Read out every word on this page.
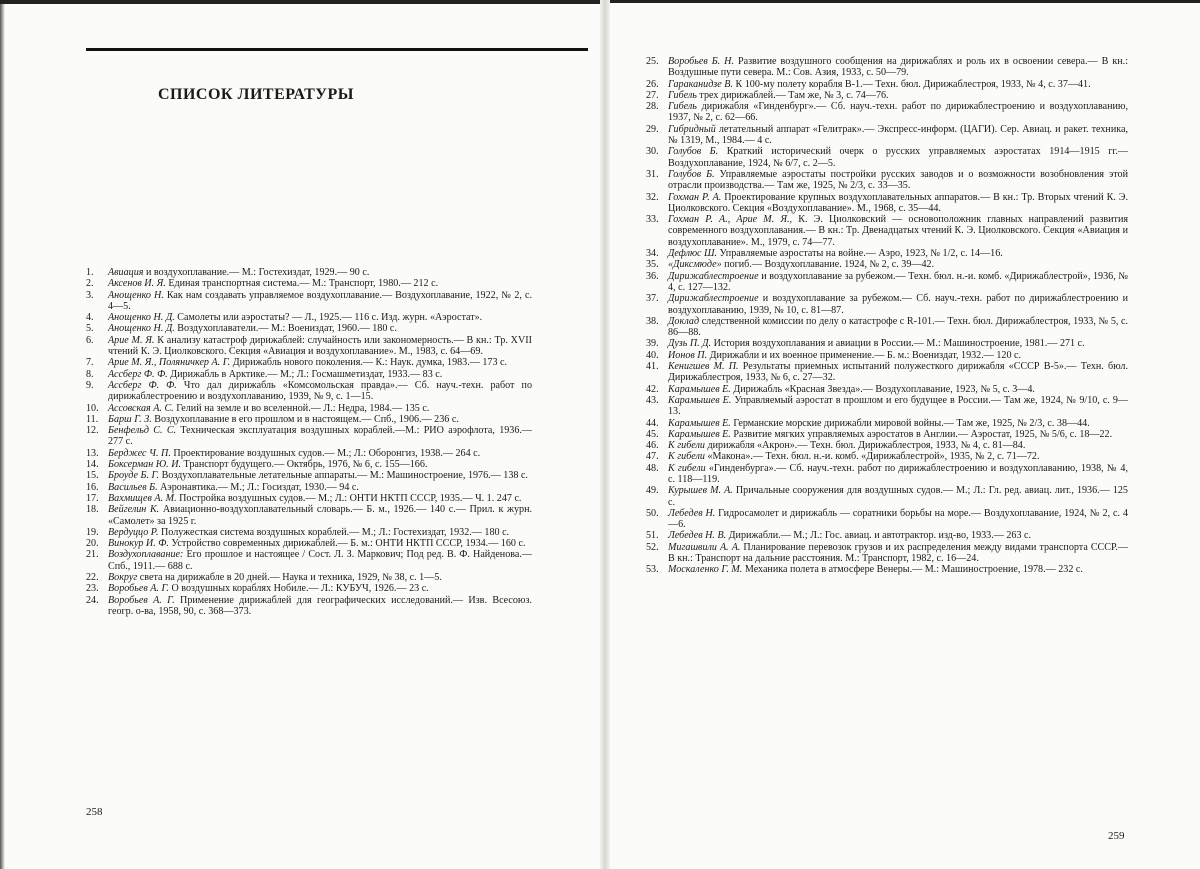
СПИСОК ЛИТЕРАТУРЫ
1. Авиация и воздухоплавание.— М.: Гостехиздат, 1929.— 90 с.
2. Аксенов И. Я. Единая транспортная система.— М.: Транспорт, 1980.— 212 с.
3. Анощенко Н. Как нам создавать управляемое воздухоплавание.— Воздухоплавание, 1922, № 2, с. 4—5.
4. Анощенко Н. Д. Самолеты или аэростаты? — Л., 1925.— 116 с. Изд. журн. «Аэростат».
5. Анощенко Н. Д. Воздухоплаватели.— М.: Воениздат, 1960.— 180 с.
6. Арие М. Я. К анализу катастроф дирижаблей: случайность или закономерность.— В кн.: Тр. XVII чтений К. Э. Циолковского. Секция «Авиация и воздухоплавание». М., 1983, с. 64—69.
7. Арие М. Я., Поляничкер А. Г. Дирижабль нового поколения.— К.: Наук. думка, 1983.— 173 с.
8. Ассберг Ф. Ф. Дирижабль в Арктике.— М.; Л.: Госмашметиздат, 1933.— 83 с.
9. Ассберг Ф. Ф. Что дал дирижабль «Комсомольская правда».— Сб. науч.-техн. работ по дирижаблестроению и воздухоплаванию, 1939, № 9, с. 1—15.
10. Ассовская А. С. Гелий на земле и во вселенной.— Л.: Недра, 1984.— 135 с.
11. Барш Г. З. Воздухоплавание в его прошлом и в настоящем.— Спб., 1906.— 236 с.
12. Бенфельд С. С. Техническая эксплуатация воздушных кораблей.—М.: РИО аэрофлота, 1936.— 277 с.
13. Берджес Ч. П. Проектирование воздушных судов.— М.; Л.: Оборонгиз, 1938.— 264 с.
14. Боксерман Ю. И. Транспорт будущего.— Октябрь, 1976, № 6, с. 155—166.
15. Броуде Б. Г. Воздухоплавательные летательные аппараты.— М.: Машиностроение, 1976.— 138 с.
16. Васильев Б. Аэронавтика.— М.; Л.: Госиздат, 1930.— 94 с.
17. Вахмищев А. М. Постройка воздушных судов.— М.; Л.: ОНТИ НКТП СССР, 1935.— Ч. 1. 247 с.
18. Вейгелин К. Авиационно-воздухоплавательный словарь.— Б. м., 1926.— 140 с.— Прил. к журн. «Самолет» за 1925 г.
19. Вердуццо Р. Полужесткая система воздушных кораблей.— М.; Л.: Гостехиздат, 1932.— 180 с.
20. Винокур И. Ф. Устройство современных дирижаблей.— Б. м.: ОНТИ НКТП СССР, 1934.— 160 с.
21. Воздухоплавание: Его прошлое и настоящее / Сост. Л. З. Маркович; Под ред. В. Ф. Найденова.— Спб., 1911.— 688 с.
22. Вокруг света на дирижабле в 20 дней.— Наука и техника, 1929, № 38, с. 1—5.
23. Воробьев А. Г. О воздушных кораблях Нобиле.— Л.: КУБУЧ, 1926.— 23 с.
24. Воробьев А. Г. Применение дирижаблей для географических исследований.— Изв. Всесоюз. геогр. о-ва, 1958, 90, с. 368—373.
258
25. Воробьев Б. Н. Развитие воздушного сообщения на дирижаблях и роль их в освоении севера.— В кн.: Воздушные пути севера. М.: Сов. Азия, 1933, с. 50—79.
26. Гараканидзе В. К 100-му полету корабля В-1.— Техн. бюл. Дирижаблестроя, 1933, № 4, с. 37—41.
27. Гибель трех дирижаблей.— Там же, № 3, с. 74—76.
28. Гибель дирижабля «Гинденбург».— Сб. науч.-техн. работ по дирижаблестроению и воздухоплаванию, 1937, № 2, с. 62—66.
29. Гибридный летательный аппарат «Гелитрак».— Экспресс-информ. (ЦАГИ). Сер. Авиац. и ракет. техника, № 1319, М., 1984.— 4 с.
30. Голубов Б. Краткий исторический очерк о русских управляемых аэростатах 1914—1915 гг.— Воздухоплавание, 1924, № 6/7, с. 2—5.
31. Голубов Б. Управляемые аэростаты постройки русских заводов и о возможности возобновления этой отрасли производства.— Там же, 1925, № 2/3, с. 33—35.
32. Гохман Р. А. Проектирование крупных воздухоплавательных аппаратов.— В кн.: Тр. Вторых чтений К. Э. Циолковского. Секция «Воздухоплавание». М., 1968, с. 35—44.
33. Гохман Р. А., Арие М. Я., К. Э. Циолковский — основоположник главных направлений развития современного воздухоплавания.— В кн.: Тр. Двенадцатых чтений К. Э. Циолковского. Секция «Авиация и воздухоплавание». М., 1979, с. 74—77.
34. Дефлюс Ш. Управляемые аэростаты на войне.— Аэро, 1923, № 1/2, с. 14—16.
35. «Диксмюде» погиб.— Воздухоплавание. 1924, № 2, с. 39—42.
36. Дирижаблестроение и воздухоплавание за рубежом.— Техн. бюл. н.-и. комб. «Дирижаблестрой», 1936, № 4, с. 127—132.
37. Дирижаблестроение и воздухоплавание за рубежом.— Сб. науч.-техн. работ по дирижаблестроению и воздухоплаванию, 1939, № 10, с. 81—87.
38. Доклад следственной комиссии по делу о катастрофе с R-101.— Техн. бюл. Дирижаблестроя, 1933, № 5, с. 86—88.
39. Дузь П. Д. История воздухоплавания и авиации в России.— М.: Машиностроение, 1981.— 271 с.
40. Ионов П. Дирижабли и их военное применение.— Б. м.: Воениздат, 1932.— 120 с.
41. Кенигшев М. П. Результаты приемных испытаний полужесткого дирижабля «СССР В-5».— Техн. бюл. Дирижаблестроя, 1933, № 6, с. 27—32.
42. Карамышев Е. Дирижабль «Красная Звезда».— Воздухоплавание, 1923, № 5, с. 3—4.
43. Карамышев Е. Управляемый аэростат в прошлом и его будущее в России.— Там же, 1924, № 9/10, с. 9—13.
44. Карамышев Е. Германские морские дирижабли мировой войны.— Там же, 1925, № 2/3, с. 38—44.
45. Карамышев Е. Развитие мягких управляемых аэростатов в Англии.— Аэростат, 1925, № 5/6, с. 18—22.
46. К гибели дирижабля «Акрон».— Техн. бюл. Дирижаблестроя, 1933, № 4, с. 81—84.
47. К гибели «Макона».— Техн. бюл. н.-и. комб. «Дирижаблестрой», 1935, № 2, с. 71—72.
48. К гибели «Гинденбурга».— Сб. науч.-техн. работ по дирижаблестроению и воздухоплаванию, 1938, № 4, с. 118—119.
49. Курышев М. А. Причальные сооружения для воздушных судов.— М.; Л.: Гл. ред. авиац. лит., 1936.— 125 с.
50. Лебедев Н. Гидросамолет и дирижабль — соратники борьбы на море.— Воздухоплавание, 1924, № 2, с. 4—6.
51. Лебедев Н. В. Дирижабли.— М.; Л.: Гос. авиац. и автотрактор. изд-во, 1933.— 263 с.
52. Мигашвили А. А. Планирование перевозок грузов и их распределения между видами транспорта СССР.— В кн.: Транспорт на дальние расстояния. М.: Транспорт, 1982, с. 16—24.
53. Москаленко Г. М. Механика полета в атмосфере Венеры.— М.: Машиностроение, 1978.— 232 с.
259
